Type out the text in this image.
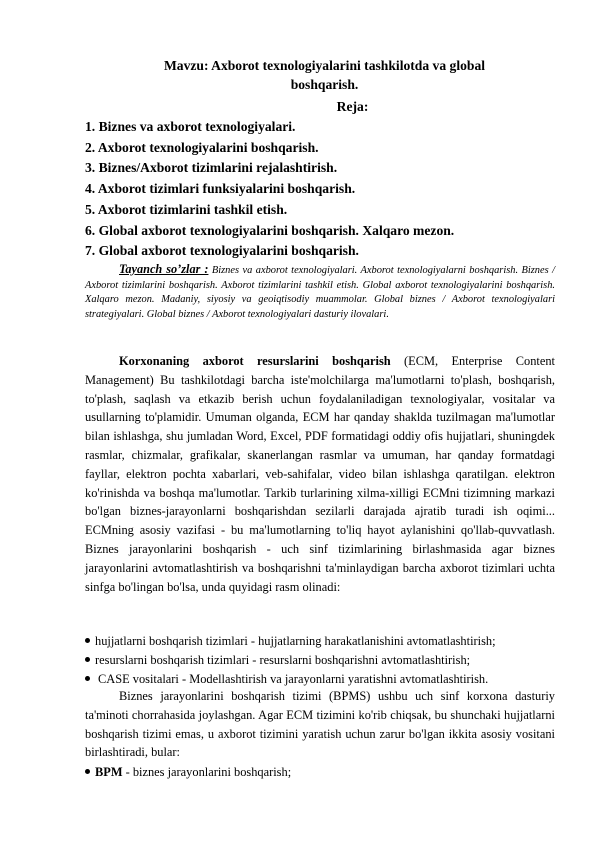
Mavzu: Axborot texnologiyalarini tashkilotda va global
boshqarish.
Reja:
1. Biznes va axborot texnologiyalari.
2. Axborot texnologiyalarini boshqarish.
3. Biznes/Axborot tizimlarini rejalashtirish.
4. Axborot tizimlari funksiyalarini boshqarish.
5. Axborot tizimlarini tashkil etish.
6. Global axborot texnologiyalarini boshqarish. Xalqaro mezon.
7. Global axborot texnologiyalarini boshqarish.

Tayanch so’zlar : Biznes va axborot texnologiyalari. Axborot texnologiyalarni boshqarish. Biznes / Axborot tizimlarini boshqarish. Axborot tizimlarini tashkil etish. Global axborot texnologiyalarini boshqarish. Xalqaro mezon. Madaniy, siyosiy va geoiqtisodiy muammolar. Global biznes / Axborot texnologiyalari strategiyalari. Global biznes / Axborot texnologiyalari dasturiy ilovalari.

Korxonaning axborot resurslarini boshqarish (ECM, Enterprise Content Management) Bu tashkilotdagi barcha iste'molchilarga ma'lumotlarni to'plash, boshqarish, to'plash, saqlash va etkazib berish uchun foydalaniladigan texnologiyalar, vositalar va usullarning to'plamidir. Umuman olganda, ECM har qanday shaklda tuzilmagan ma'lumotlar bilan ishlashga, shu jumladan Word, Excel, PDF formatidagi oddiy ofis hujjatlari, shuningdek rasmlar, chizmalar, grafikalar, skanerlangan rasmlar va umuman, har qanday formatdagi fayllar, elektron pochta xabarlari, veb-sahifalar, video bilan ishlashga qaratilgan. elektron ko'rinishda va boshqa ma'lumotlar. Tarkib turlarining xilma-xilligi ECMni tizimning markazi bo'lgan biznes-jarayonlarni boshqarishdan sezilarli darajada ajratib turadi ish oqimi... ECMning asosiy vazifasi - bu ma'lumotlarning to'liq hayot aylanishini qo'llab-quvvatlash. Biznes jarayonlarini boshqarish - uch sinf tizimlarining birlashmasida agar biznes jarayonlarini avtomatlashtirish va boshqarishni ta'minlaydigan barcha axborot tizimlari uchta sinfga bo'lingan bo'lsa, unda quyidagi rasm olinadi:

hujjatlarni boshqarish tizimlari - hujjatlarning harakatlanishini avtomatlashtirish;
resurslarni boshqarish tizimlari - resurslarni boshqarishni avtomatlashtirish;
CASE vositalari - Modellashtirish va jarayonlarni yaratishni avtomatlashtirish.

Biznes jarayonlarini boshqarish tizimi (BPMS) ushbu uch sinf korxona dasturiy ta'minoti chorrahasida joylashgan. Agar ECM tizimini ko'rib chiqsak, bu shunchaki hujjatlarni boshqarish tizimi emas, u axborot tizimini yaratish uchun zarur bo'lgan ikkita asosiy vositani birlashtiradi, bular:

BPM - biznes jarayonlarini boshqarish;
